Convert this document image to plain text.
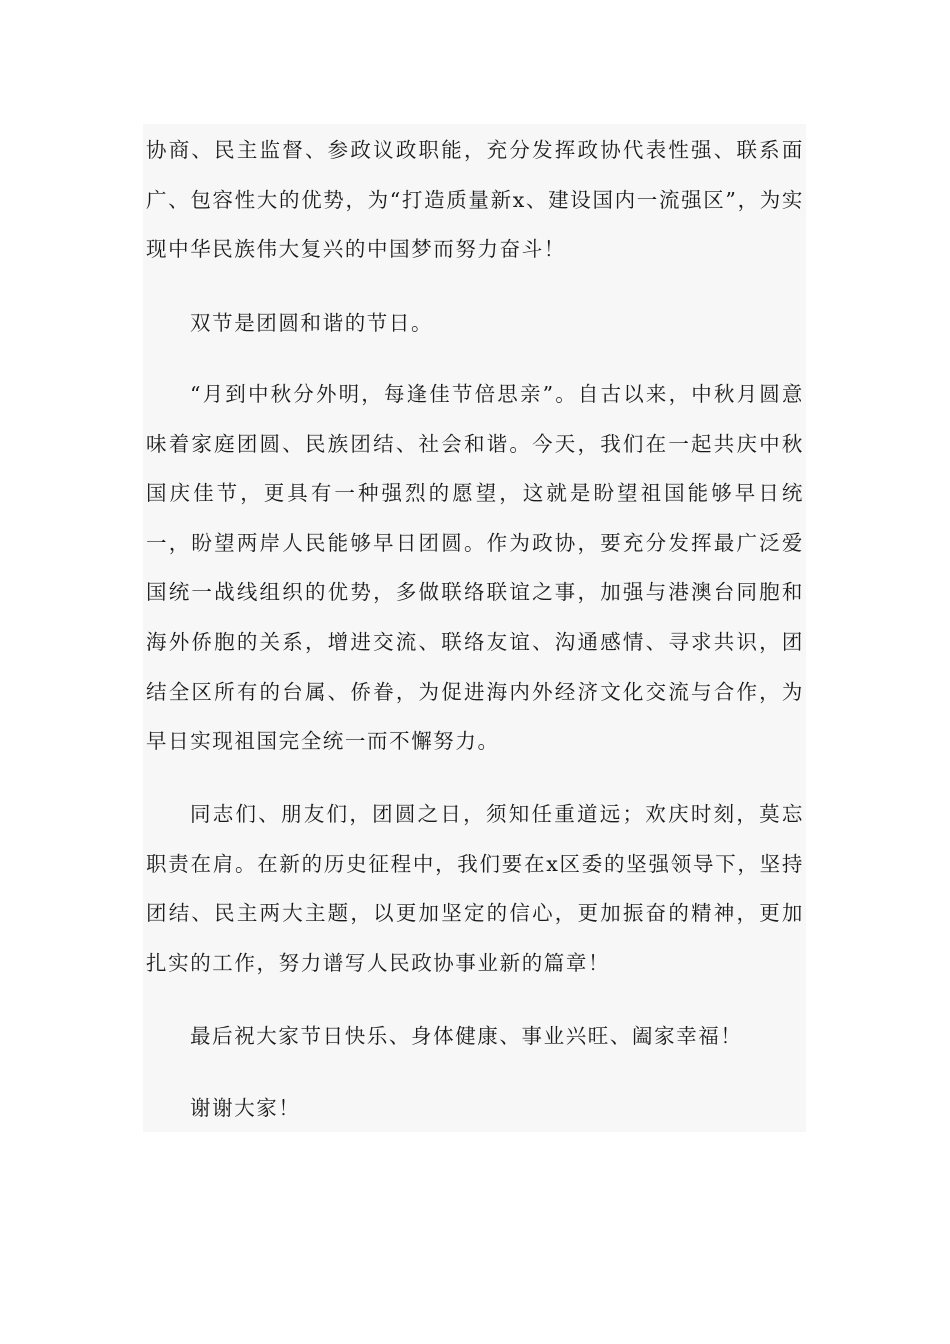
协商、民主监督、参政议政职能，充分发挥政协代表性强、联系面广、包容性大的优势，为“打造质量新x、建设国内一流强区”，为实现中华民族伟大复兴的中国梦而努力奋斗！

双节是团圆和谐的节日。

“月到中秋分外明，每逢佳节倍思亲”。自古以来，中秋月圆意味着家庭团圆、民族团结、社会和谐。今天，我们在一起共庆中秋国庆佳节，更具有一种强烈的愿望，这就是盼望祖国能够早日统一，盼望两岸人民能够早日团圆。作为政协，要充分发挥最广泛爱国统一战线组织的优势，多做联络联谊之事，加强与港澳台同胞和海外侨胞的关系，增进交流、联络友谊、沟通感情、寻求共识，团结全区所有的台属、侨眷，为促进海内外经济文化交流与合作，为早日实现祖国完全统一而不懈努力。

同志们、朋友们，团圆之日，须知任重道远；欢庆时刻，莫忘职责在肩。在新的历史征程中，我们要在x区委的坚强领导下，坚持团结、民主两大主题，以更加坚定的信心，更加振奋的精神，更加扎实的工作，努力谱写人民政协事业新的篇章！

最后祝大家节日快乐、身体健康、事业兴旺、阖家幸福！

谢谢大家！
